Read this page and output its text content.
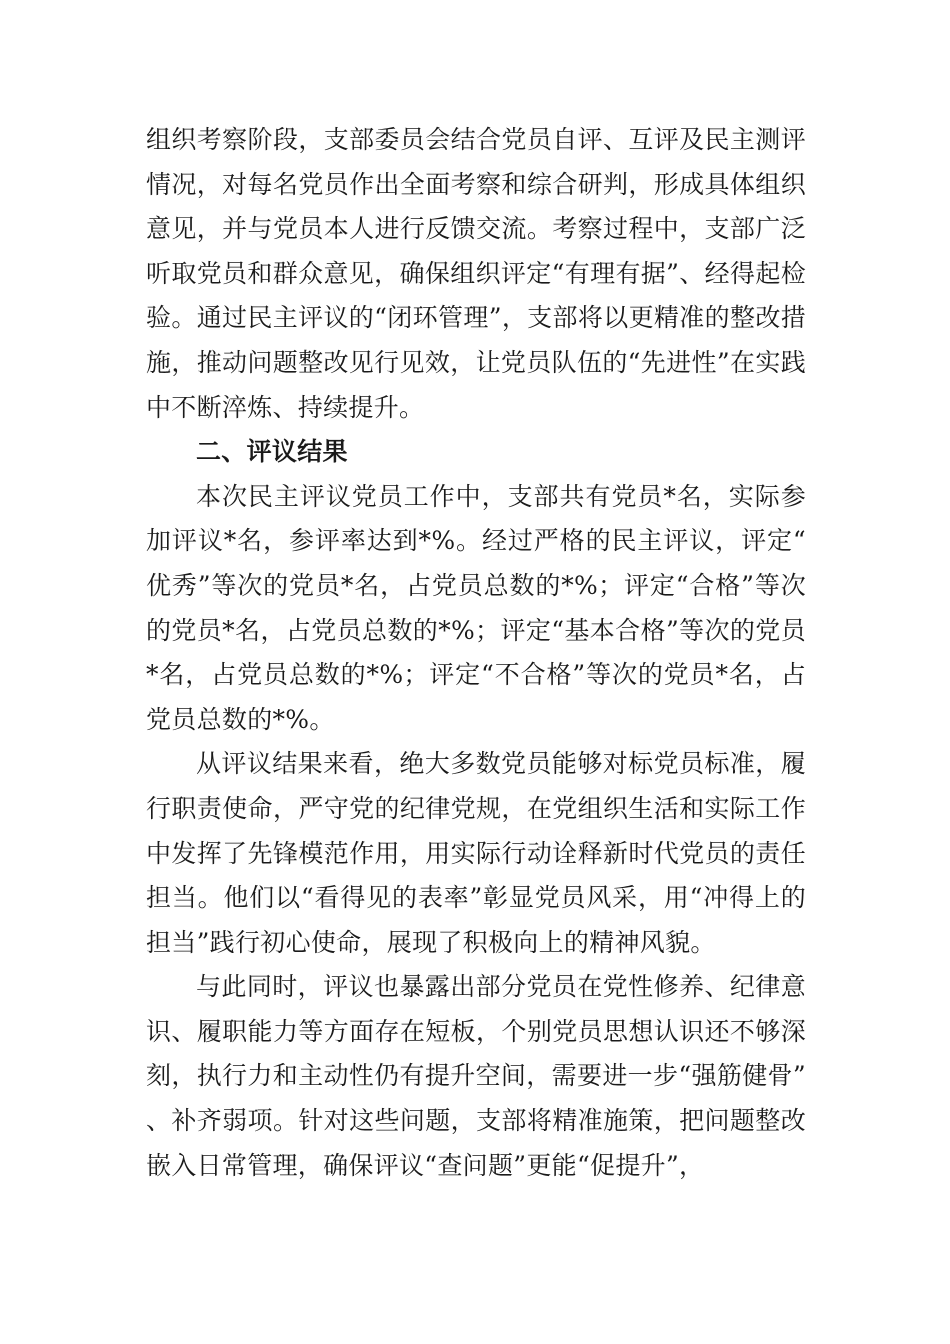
组织考察阶段，支部委员会结合党员自评、互评及民主测评情况，对每名党员作出全面考察和综合研判，形成具体组织意见，并与党员本人进行反馈交流。考察过程中，支部广泛听取党员和群众意见，确保组织评定“有理有据”、经得起检验。通过民主评议的“闭环管理”，支部将以更精准的整改措施，推动问题整改见行见效，让党员队伍的“先进性”在实践中不断淬炼、持续提升。

二、评议结果

本次民主评议党员工作中，支部共有党员*名，实际参加评议*名，参评率达到*%。经过严格的民主评议，评定“优秀”等次的党员*名，占党员总数的*%；评定“合格”等次的党员*名，占党员总数的*%；评定“基本合格”等次的党员*名，占党员总数的*%；评定“不合格”等次的党员*名，占党员总数的*%。

从评议结果来看，绝大多数党员能够对标党员标准，履行职责使命，严守党的纪律党规，在党组织生活和实际工作中发挥了先锋模范作用，用实际行动诠释新时代党员的责任担当。他们以“看得见的表率”彰显党员风采，用“冲得上的担当”践行初心使命，展现了积极向上的精神风貌。

与此同时，评议也暴露出部分党员在党性修养、纪律意识、履职能力等方面存在短板，个别党员思想认识还不够深刻，执行力和主动性仍有提升空间，需要进一步“强筋健骨”、补齐弱项。针对这些问题，支部将精准施策，把问题整改嵌入日常管理，确保评议“查问题”更能“促提升”，
